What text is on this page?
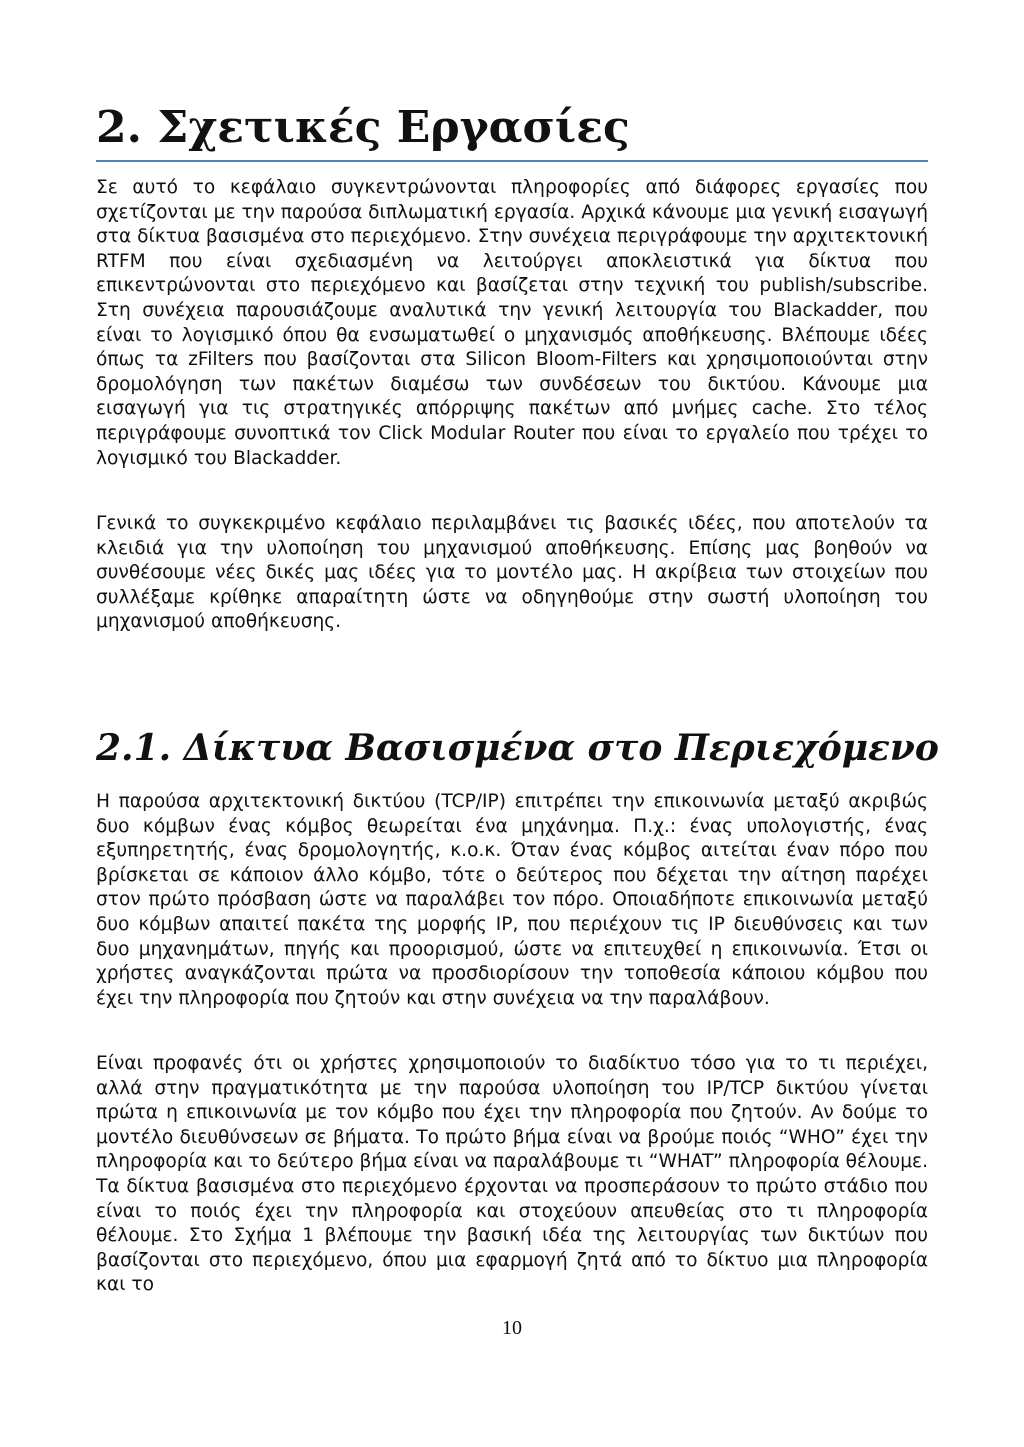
2. Σχετικές Εργασίες

Σε αυτό το κεφάλαιο συγκεντρώνονται πληροφορίες από διάφορες εργασίες που σχετίζονται με την παρούσα διπλωματική εργασία. Αρχικά κάνουμε μια γενική εισαγωγή στα δίκτυα βασισμένα στο περιεχόμενο. Στην συνέχεια περιγράφουμε την αρχιτεκτονική RTFM που είναι σχεδιασμένη να λειτούργει αποκλειστικά για δίκτυα που επικεντρώνονται στο περιεχόμενο και βασίζεται στην τεχνική του publish/subscribe. Στη συνέχεια παρουσιάζουμε αναλυτικά την γενική λειτουργία του Blackadder, που είναι το λογισμικό όπου θα ενσωματωθεί ο μηχανισμός αποθήκευσης. Βλέπουμε ιδέες όπως τα zFilters που βασίζονται στα Silicon Bloom-Filters και χρησιμοποιούνται στην δρομολόγηση των πακέτων διαμέσω των συνδέσεων του δικτύου. Κάνουμε μια εισαγωγή για τις στρατηγικές απόρριψης πακέτων από μνήμες cache. Στο τέλος περιγράφουμε συνοπτικά τον Click Modular Router που είναι το εργαλείο που τρέχει το λογισμικό του Blackadder.

Γενικά το συγκεκριμένο κεφάλαιο περιλαμβάνει τις βασικές ιδέες, που αποτελούν τα κλειδιά για την υλοποίηση του μηχανισμού αποθήκευσης. Επίσης μας βοηθούν να συνθέσουμε νέες δικές μας ιδέες για το μοντέλο μας. Η ακρίβεια των στοιχείων που συλλέξαμε κρίθηκε απαραίτητη ώστε να οδηγηθούμε στην σωστή υλοποίηση του μηχανισμού αποθήκευσης.

2.1. Δίκτυα Βασισμένα στο Περιεχόμενο

Η παρούσα αρχιτεκτονική δικτύου (TCP/IP) επιτρέπει την επικοινωνία μεταξύ ακριβώς δυο κόμβων ένας κόμβος θεωρείται ένα μηχάνημα. Π.χ.: ένας υπολογιστής, ένας εξυπηρετητής, ένας δρομολογητής, κ.ο.κ. Όταν ένας κόμβος αιτείται έναν πόρο που βρίσκεται σε κάποιον άλλο κόμβο, τότε ο δεύτερος που δέχεται την αίτηση παρέχει στον πρώτο πρόσβαση ώστε να παραλάβει τον πόρο. Οποιαδήποτε επικοινωνία μεταξύ δυο κόμβων απαιτεί πακέτα της μορφής IP, που περιέχουν τις IP διευθύνσεις και των δυο μηχανημάτων, πηγής και προορισμού, ώστε να επιτευχθεί η επικοινωνία. Έτσι οι χρήστες αναγκάζονται πρώτα να προσδιορίσουν την τοποθεσία κάποιου κόμβου που έχει την πληροφορία που ζητούν και στην συνέχεια να την παραλάβουν.

Είναι προφανές ότι οι χρήστες χρησιμοποιούν το διαδίκτυο τόσο για το τι περιέχει, αλλά στην πραγματικότητα με την παρούσα υλοποίηση του IP/TCP δικτύου γίνεται πρώτα η επικοινωνία με τον κόμβο που έχει την πληροφορία που ζητούν. Αν δούμε το μοντέλο διευθύνσεων σε βήματα. Το πρώτο βήμα είναι να βρούμε ποιός “WHO” έχει την πληροφορία και το δεύτερο βήμα είναι να παραλάβουμε τι “WHAT” πληροφορία θέλουμε. Τα δίκτυα βασισμένα στο περιεχόμενο έρχονται να προσπεράσουν το πρώτο στάδιο που είναι το ποιός έχει την πληροφορία και στοχεύουν απευθείας στο τι πληροφορία θέλουμε. Στο Σχήμα 1 βλέπουμε την βασική ιδέα της λειτουργίας των δικτύων που βασίζονται στο περιεχόμενο, όπου μια εφαρμογή ζητά από το δίκτυο μια πληροφορία και το

10
